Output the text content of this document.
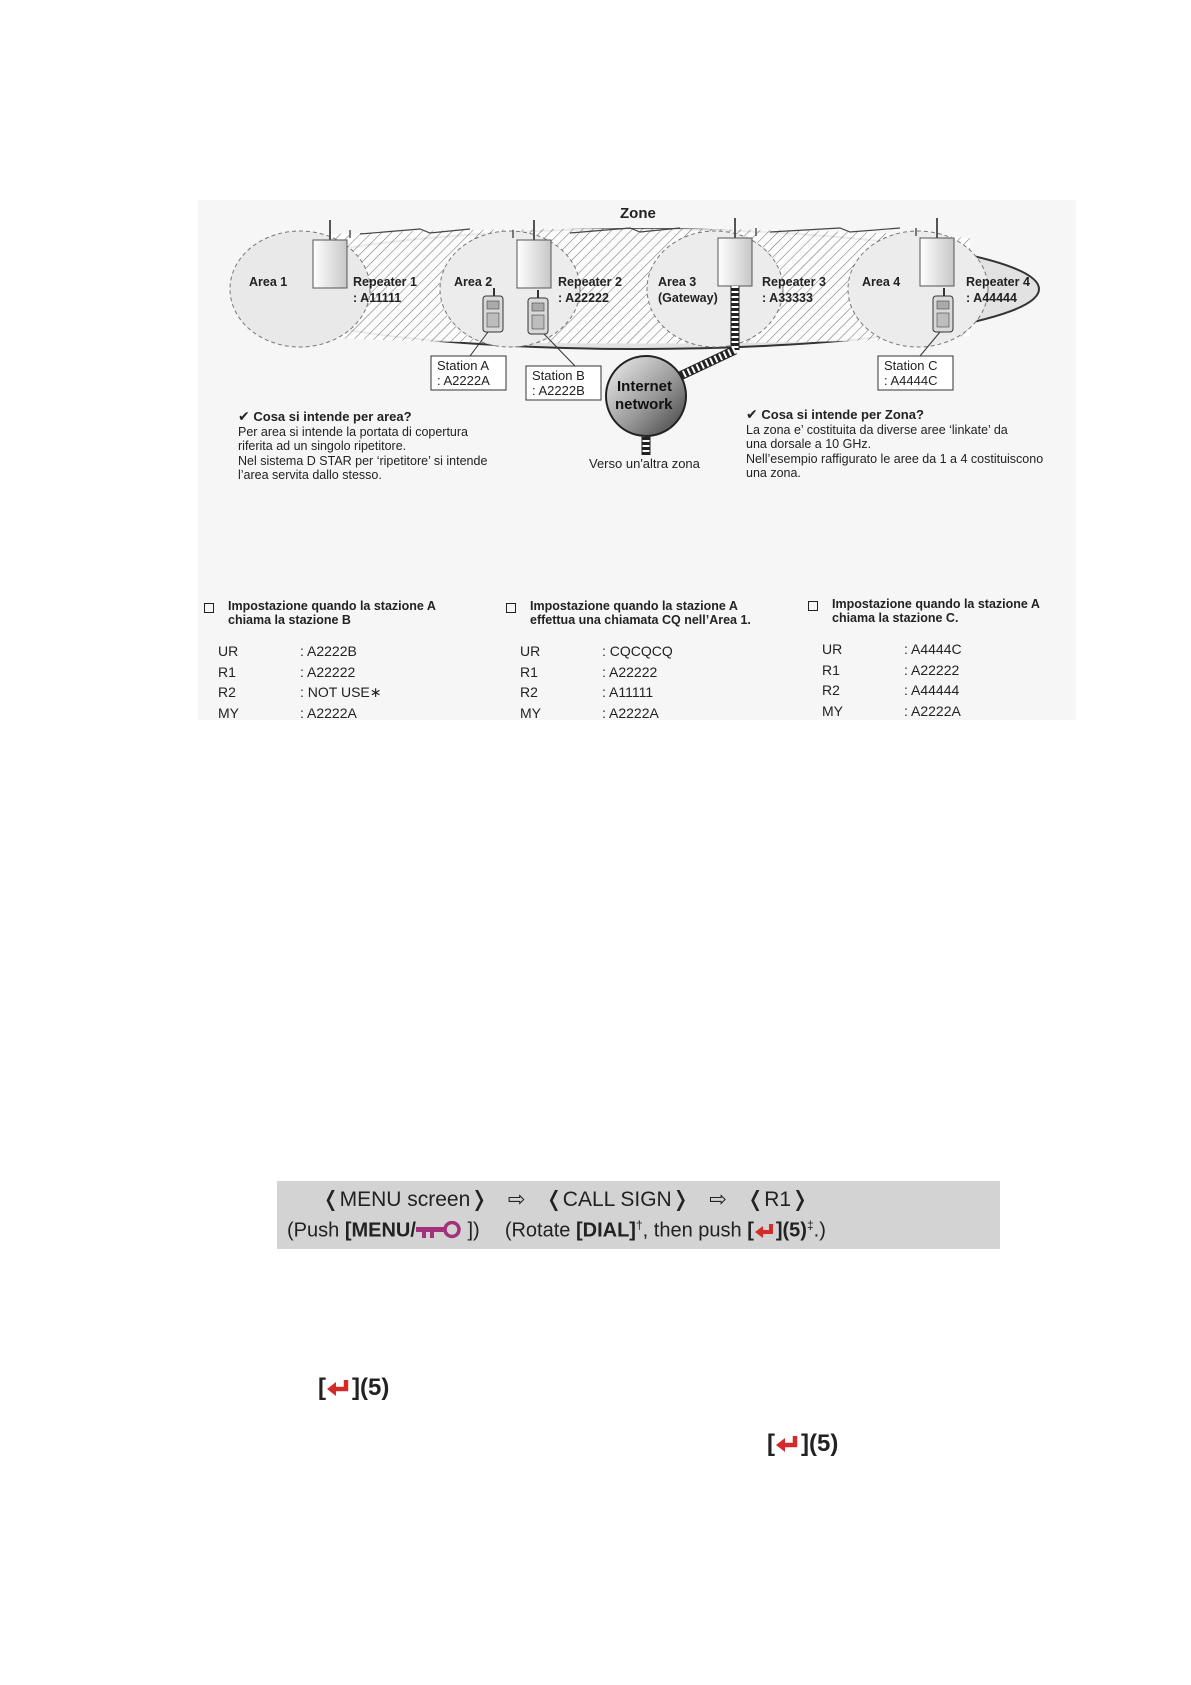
Zone
Area 1	Repeater 1
: A11111
Area 2	Repeater 2
: A22222
Area 3
(Gateway)
Repeater 3
: A33333
Area 4	Repeater 4
: A44444
Station A
: A2222A	Station B
: A2222B
Station C
: A4444C
Internet
network
Verso un'altra zona
✔ Cosa si intende per area?
Per area si intende la portata di copertura
riferita ad un singolo ripetitore.
Nel sistema D STAR per ‘ripetitore’ si intende
l’area servita dallo stesso.
✔ Cosa si intende per Zona?
La zona e’ costituita da diverse aree ‘linkate’ da
una dorsale a 10 GHz.
Nell’esempio raffigurato le aree da 1 a 4 costituiscono
una zona.
Impostazione quando la stazione A
chiama la stazione B
UR	: A2222B
R1	: A22222
R2	: NOT USE∗
MY	: A2222A
Impostazione quando la stazione A
effettua una chiamata CQ nell’Area 1.
UR	: CQCQCQ
R1	: A22222
R2	: A11111
MY	: A2222A
Impostazione quando la stazione A
chiama la stazione C.
UR	: A4444C
R1	: A22222
R2	: A44444
MY	: A2222A
❬MENU screen❭ ⇨ ❬CALL SIGN❭ ⇨ ❬R1❭
(Push [MENU/ ]) (Rotate [DIAL]†, then push [ ](5)‡.)
[ ](5)
[ ](5)
